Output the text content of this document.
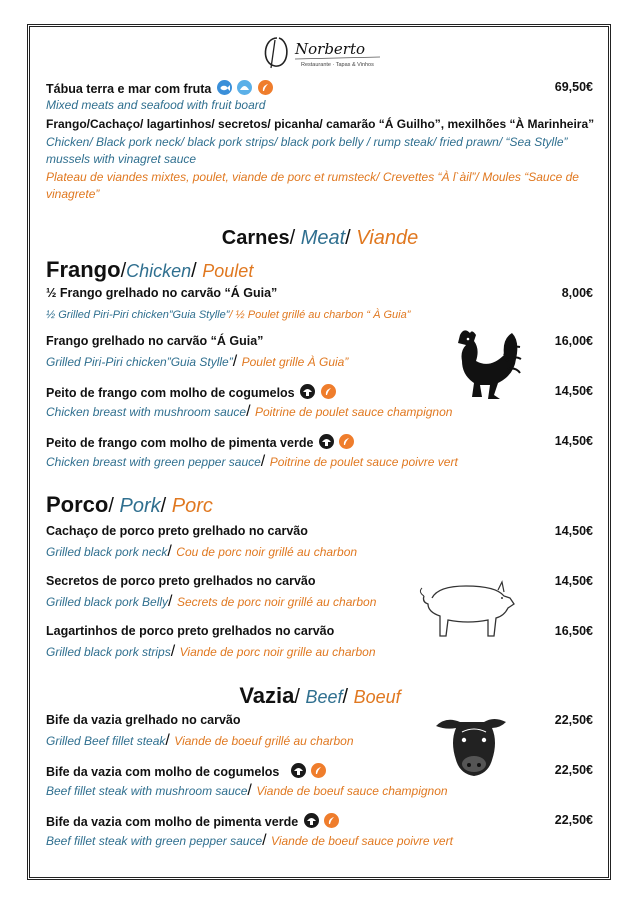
Norberto
Restaurante · Tapas & Vinhos
Tábua terra e mar com fruta

	69,50€
Mixed meats and seafood with fruit board
Frango/Cachaço/ lagartinhos/ secretos/ picanha/ camarão “Á Guilho”, mexilhões “À Marinheira”
Chicken/ Black pork neck/ black pork strips/ black pork belly / rump steak/ fried prawn/ “Sea Stylle”
mussels with vinagret sauce
Plateau de viandes mixtes, poulet, viande de porc et rumsteck/ Crevettes “À l`àil”/ Moules “Sauce de
vinagrete”
Carnes/ Meat/ Viande
Frango/Chicken/ Poulet
½ Frango grelhado no carvão “Á Guia”	8,00€
½ Grilled Piri-Piri chicken”Guia Stylle”/ ½ Poulet grillé au charbon “ À Guia”
Frango grelhado no carvão “Á Guia”	16,00€
Grilled Piri-Piri chicken”Guia Stylle”/ Poulet grille À Guia”
Peito de frango com molho de cogumelos
	14,50€
Chicken breast with mushroom sauce/ Poitrine de poulet sauce champignon
Peito de frango com molho de pimenta verde
	14,50€
Chicken breast with green pepper sauce/ Poitrine de poulet sauce poivre vert
Porco/ Pork/ Porc
Cachaço de porco preto grelhado no carvão	14,50€
Grilled black pork neck/ Cou de porc noir grillé au charbon
Secretos de porco preto grelhados no carvão	14,50€
Grilled black pork Belly/ Secrets de porc noir grillé au charbon
Lagartinhos de porco preto grelhados no carvão	16,50€
Grilled black pork strips/ Viande de porc noir grille au charbon
Vazia/ Beef/ Boeuf
Bife da vazia grelhado no carvão	22,50€
Grilled Beef fillet steak/ Viande de boeuf grillé au charbon
Bife da vazia com molho de cogumelos
	22,50€
Beef fillet steak with mushroom sauce/ Viande de boeuf sauce champignon
Bife da vazia com molho de pimenta verde
	22,50€
Beef fillet steak with green pepper sauce/ Viande de boeuf sauce poivre vert
